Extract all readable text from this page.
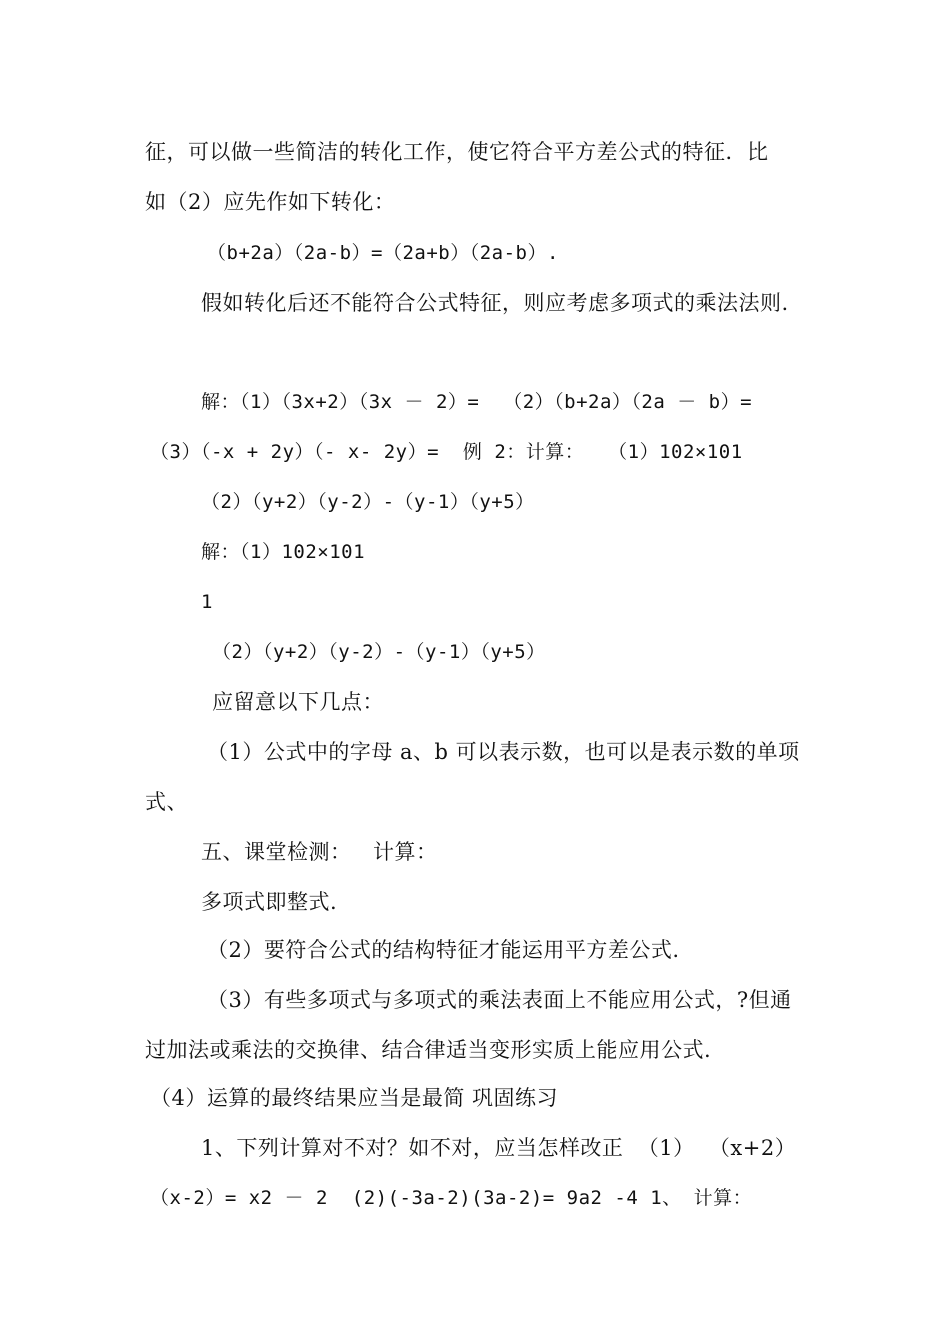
征，可以做一些简洁的转化工作，使它符合平方差公式的特征．比
如（2）应先作如下转化：
（b+2a）（2a-b）=（2a+b）（2a-b）.
假如转化后还不能符合公式特征，则应考虑多项式的乘法法则.
解：（1）（3x+2）（3x － 2）=  （2）（b+2a）（2a － b）=
（3）（-x + 2y）（- x- 2y）=  例 2：计算：  （1）102×101
（2）（y+2）（y-2）-（y-1）（y+5）
解：（1）102×101
1
（2）（y+2）（y-2）-（y-1）（y+5）
应留意以下几点：
（1）公式中的字母 a、b 可以表示数，也可以是表示数的单项
式、
五、课堂检测：   计算：
多项式即整式.
（2）要符合公式的结构特征才能运用平方差公式.
（3）有些多项式与多项式的乘法表面上不能应用公式，?但通
过加法或乘法的交换律、结合律适当变形实质上能应用公式.
（4）运算的最终结果应当是最简 巩固练习
1、下列计算对不对？如不对，应当怎样改正  （1）  （x+2）
（x-2）= x2 － 2  (2)(-3a-2)(3a-2)= 9a2 -4 1、 计算：
